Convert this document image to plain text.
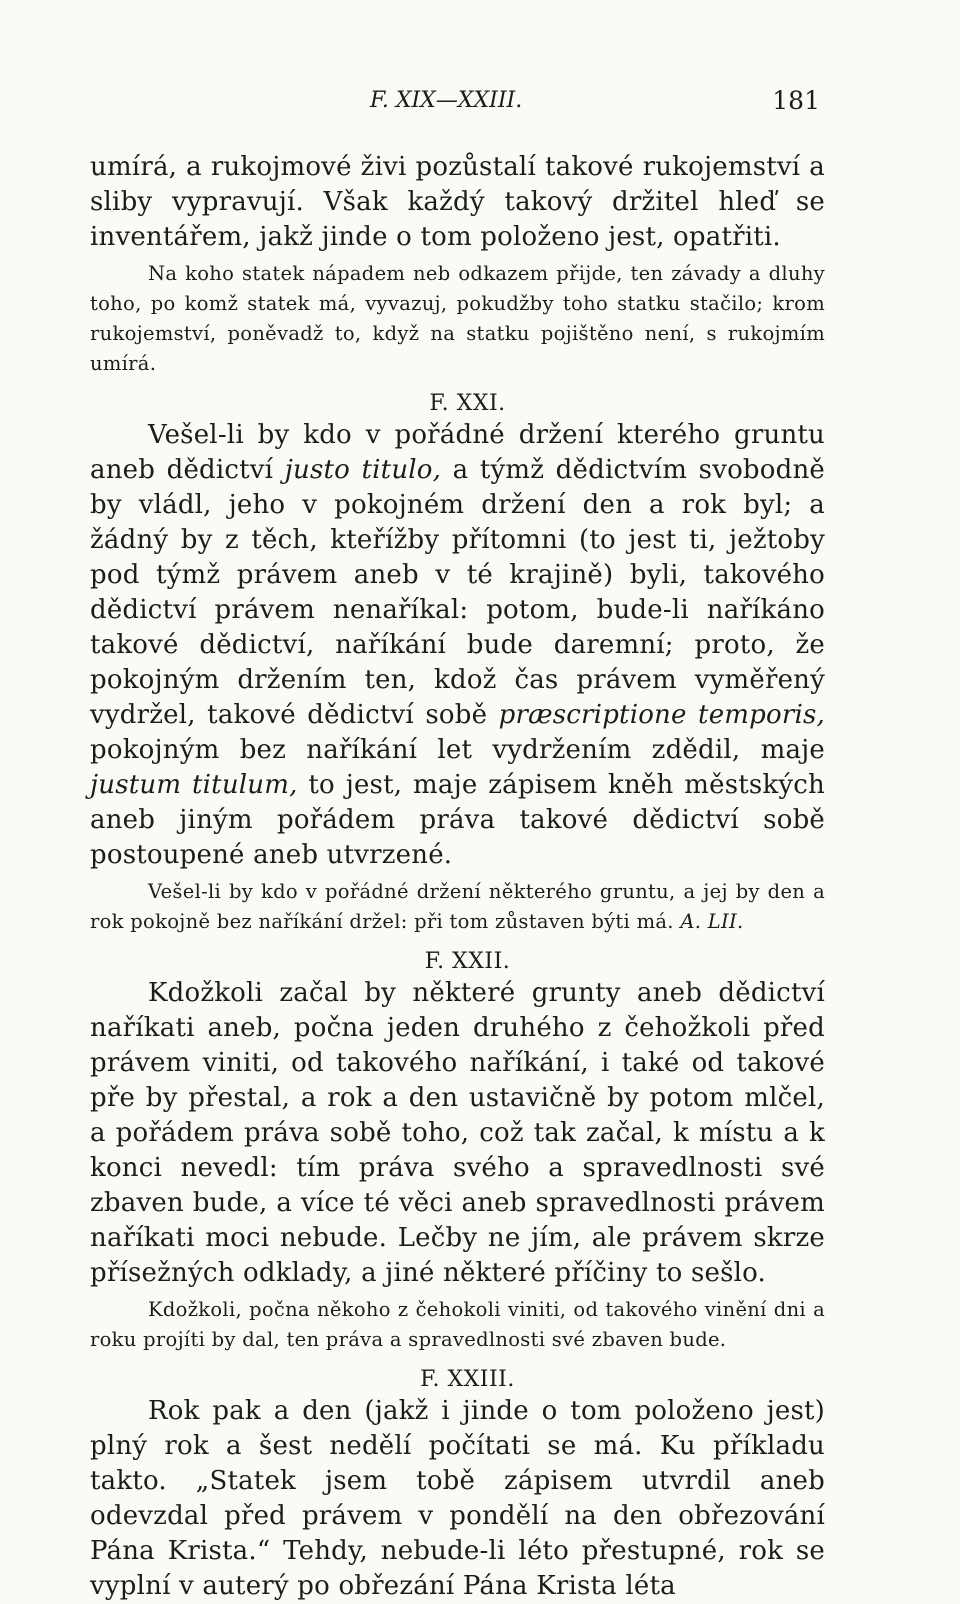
F. XIX—XXIII.	181

umírá, a rukojmové živi pozůstalí takové rukojemství a sliby vypravují. Však každý takový držitel hleď se inventářem, jakž jinde o tom položeno jest, opatřiti.

Na koho statek nápadem neb odkazem přijde, ten závady a dluhy toho, po komž statek má, vyvazuj, pokudžby toho statku stačilo; krom rukojemství, poněvadž to, když na statku pojištěno není, s rukojmím umírá.

F. XXI.

Vešel-li by kdo v pořádné držení kterého gruntu aneb dědictví justo titulo, a týmž dědictvím svobodně by vládl, jeho v pokojném držení den a rok byl; a žádný by z těch, kteřížby přítomni (to jest ti, ježtoby pod týmž právem aneb v té krajině) byli, takového dědictví právem nenaříkal: potom, bude-li naříkáno takové dědictví, naříkání bude daremní; proto, že pokojným držením ten, kdož čas právem vyměřený vydržel, takové dědictví sobě præscriptione temporis, pokojným bez naříkání let vydržením zdědil, maje justum titulum, to jest, maje zápisem kněh městských aneb jiným pořádem práva takové dědictví sobě postoupené aneb utvrzené.

Vešel-li by kdo v pořádné držení některého gruntu, a jej by den a rok pokojně bez naříkání držel: při tom zůstaven býti má. A. LII.

F. XXII.

Kdožkoli začal by některé grunty aneb dědictví naříkati aneb, počna jeden druhého z čehožkoli před právem viniti, od takového naříkání, i také od takové pře by přestal, a rok a den ustavičně by potom mlčel, a pořádem práva sobě toho, což tak začal, k místu a k konci nevedl: tím práva svého a spravedlnosti své zbaven bude, a více té věci aneb spravedlnosti právem naříkati moci nebude. Lečby ne jím, ale právem skrze přísežných odklady, a jiné některé příčiny to sešlo.

Kdožkoli, počna někoho z čehokoli viniti, od takového vinění dni a roku projíti by dal, ten práva a spravedlnosti své zbaven bude.

F. XXIII.

Rok pak a den (jakž i jinde o tom položeno jest) plný rok a šest nedělí počítati se má. Ku příkladu takto. „Statek jsem tobě zápisem utvrdil aneb odevzdal před právem v pondělí na den obřezování Pána Krista.“ Tehdy, nebude-li léto přestupné, rok se vyplní v auterý po obřezání Pána Krista léta
